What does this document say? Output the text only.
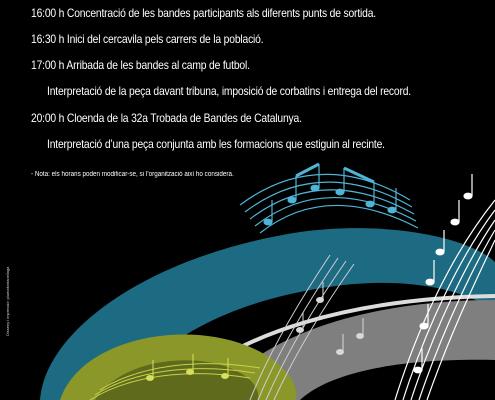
16:00 h Concentració de les bandes participants als diferents punts de sortida.
16:30 h Inici del cercavila pels carrers de la població.
17:00 h Arribada de les bandes al camp de futbol.
Interpretació de la peça davant tribuna, imposició de corbatins i entrega del record.
20:00 h Cloenda de la 32a Trobada de Bandes de Catalunya.
Interpretació d’una peça conjunta amb les formacions que estiguin al recinte.
- Nota: els horaris poden modificar-se, si l’organització així ho considera.
Disseny i impressió: plumafontanellaga
